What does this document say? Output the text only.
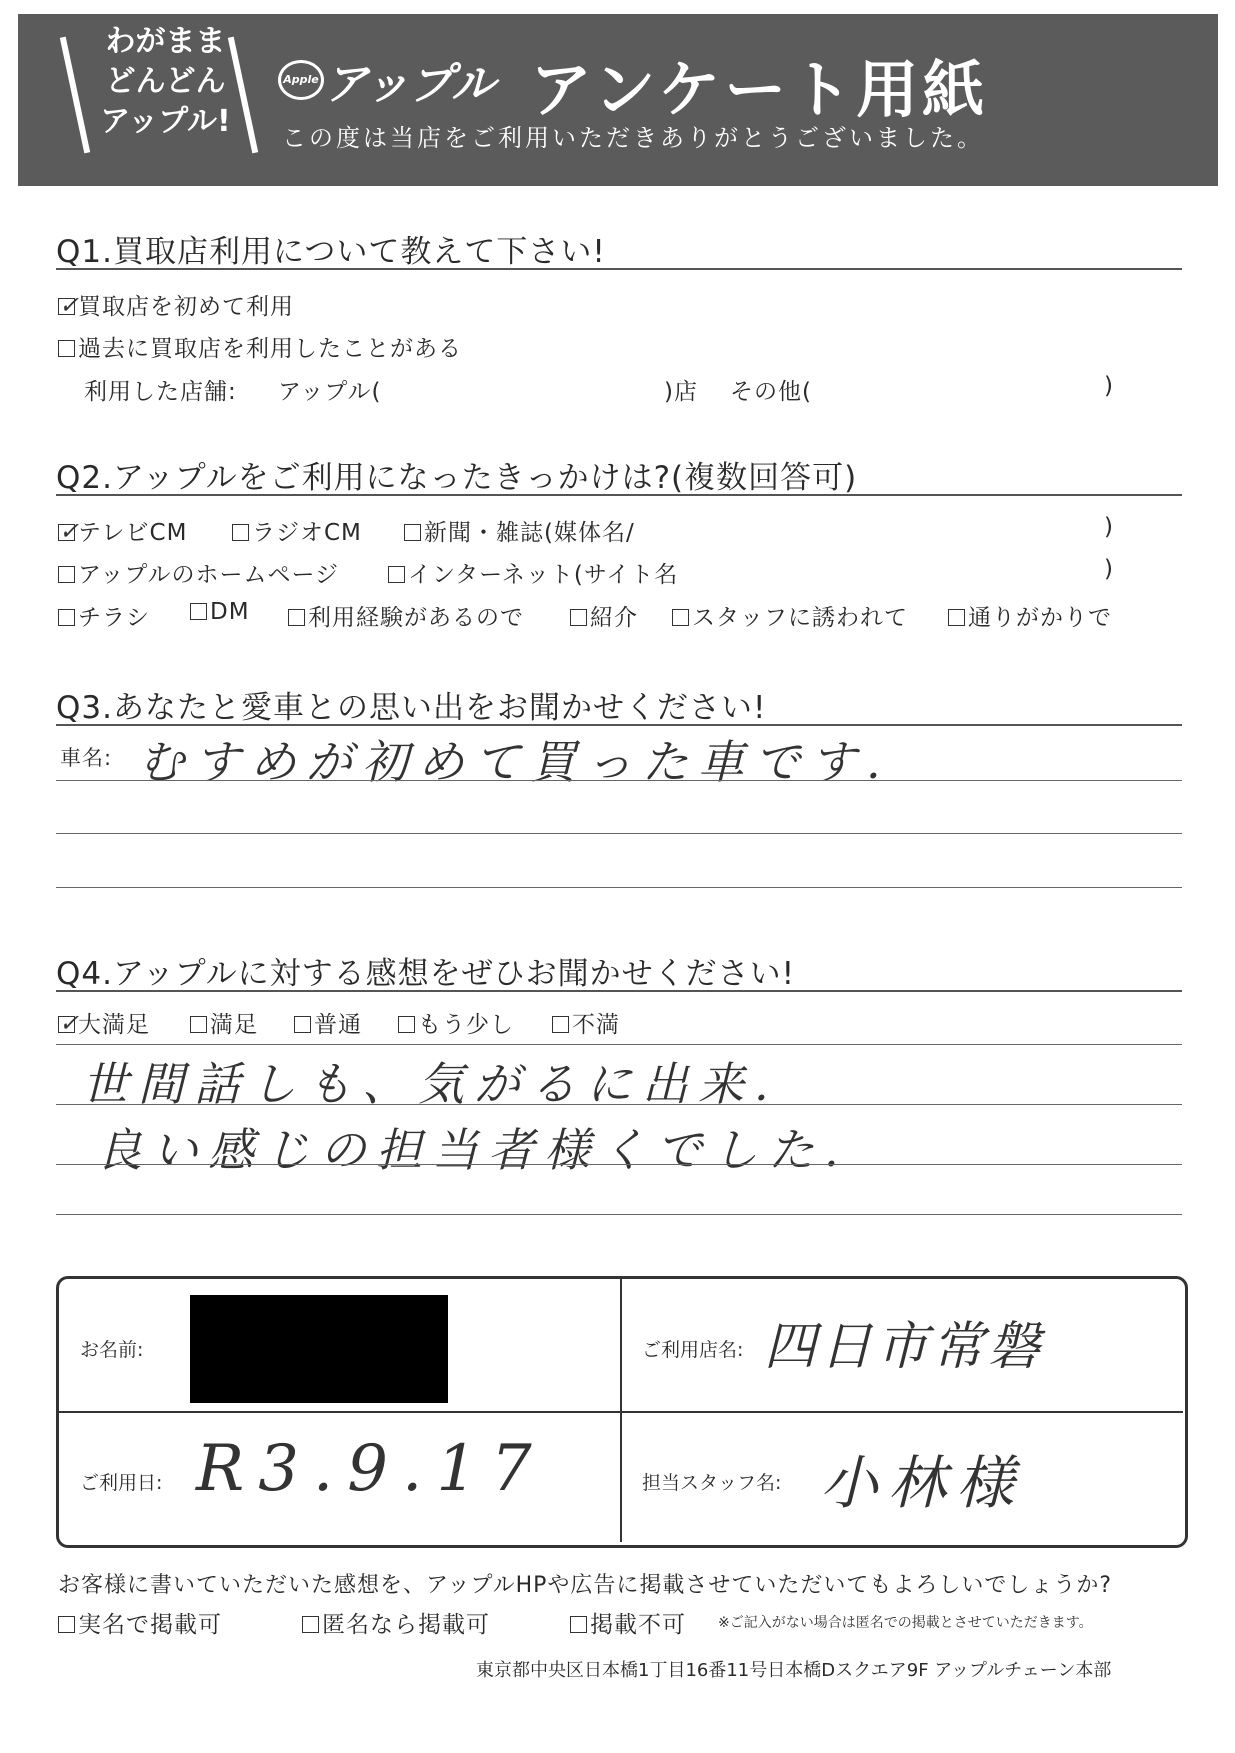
わがまま
どんどん
アップル!
Apple アップル アンケート用紙
この度は当店をご利用いただきありがとうございました。
Q1.買取店利用について教えて下さい!
✓
買取店を初めて利用
過去に買取店を利用したことがある
利用した店舗: アップル(	)店 その他(	)
Q2.アップルをご利用になったきっかけは?(複数回答可)
✓
テレビCM	ラジオCM	新聞・雑誌(媒体名/	)
アップルのホームページ	インターネット(サイト名	)
チラシ	DM	利用経験があるので	紹介	スタッフに誘われて	通りがかりで
Q3.あなたと愛車との思い出をお聞かせください!
車名: むすめが初めて買った車です.
Q4.アップルに対する感想をぜひお聞かせください!
✓
大満足	満足	普通	もう少し	不満
世間話しも、気がるに出来.
良い感じの担当者様くでした.
お名前:	ご利用店名: 四日市常磐
ご利用日: R3.9.17	担当スタッフ名: 小林様
お客様に書いていただいた感想を、アップルHPや広告に掲載させていただいてもよろしいでしょうか?
実名で掲載可	匿名なら掲載可	掲載不可 ※ご記入がない場合は匿名での掲載とさせていただきます。
東京都中央区日本橋1丁目16番11号日本橋Dスクエア9F アップルチェーン本部
